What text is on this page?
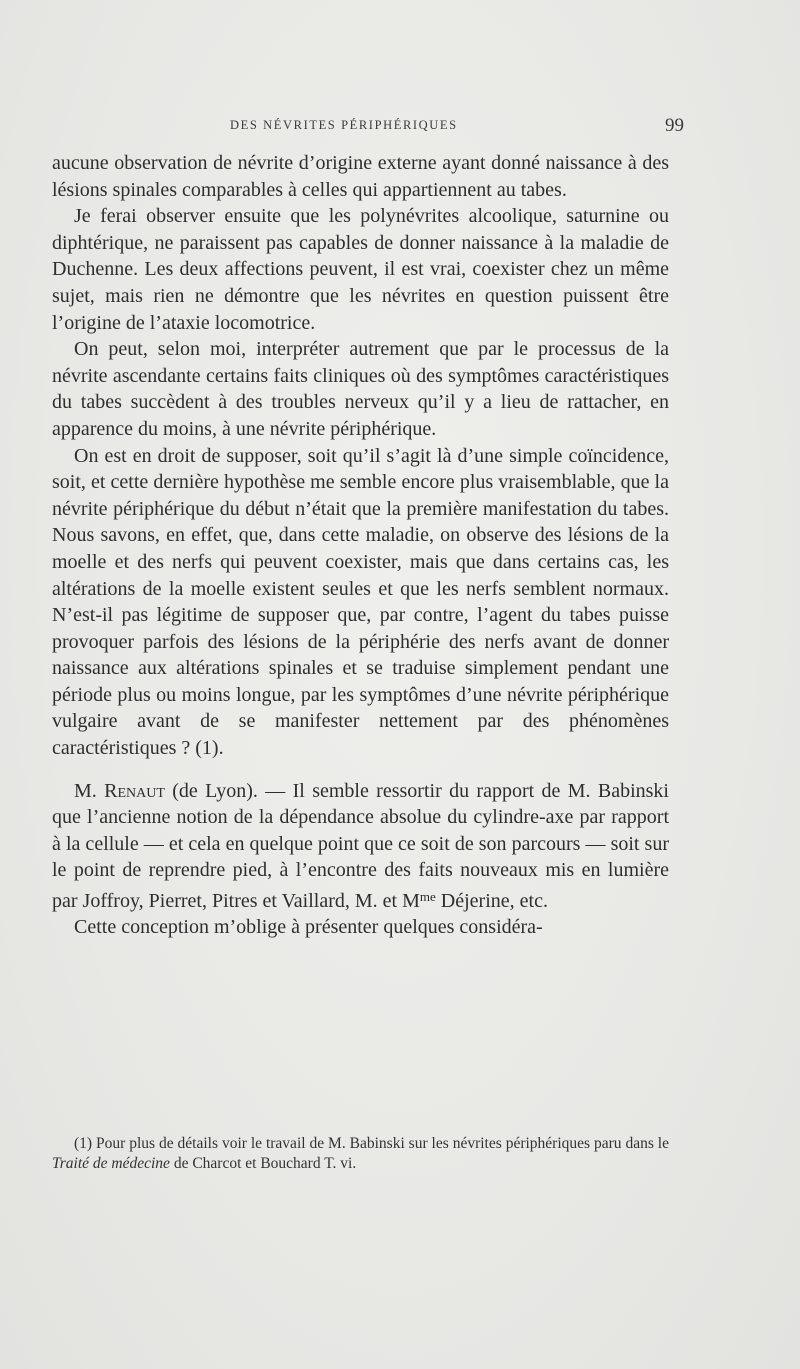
DES NÉVRITES PÉRIPHÉRIQUES	99

aucune observation de névrite d’origine externe ayant donné naissance à des lésions spinales comparables à celles qui appartiennent au tabes.

Je ferai observer ensuite que les polynévrites alcoolique, saturnine ou diphtérique, ne paraissent pas capables de donner naissance à la maladie de Duchenne. Les deux affections peuvent, il est vrai, coexister chez un même sujet, mais rien ne démontre que les névrites en question puissent être l’origine de l’ataxie locomotrice.

On peut, selon moi, interpréter autrement que par le processus de la névrite ascendante certains faits cliniques où des symptômes caractéristiques du tabes succèdent à des troubles nerveux qu’il y a lieu de rattacher, en apparence du moins, à une névrite périphérique.

On est en droit de supposer, soit qu’il s’agit là d’une simple coïncidence, soit, et cette dernière hypothèse me semble encore plus vraisemblable, que la névrite périphérique du début n’était que la première manifestation du tabes. Nous savons, en effet, que, dans cette maladie, on observe des lésions de la moelle et des nerfs qui peuvent coexister, mais que dans certains cas, les altérations de la moelle existent seules et que les nerfs semblent normaux. N’est-il pas légitime de supposer que, par contre, l’agent du tabes puisse provoquer parfois des lésions de la périphérie des nerfs avant de donner naissance aux altérations spinales et se traduise simplement pendant une période plus ou moins longue, par les symptômes d’une névrite périphérique vulgaire avant de se manifester nettement par des phénomènes caractéristiques ? (1).

M. Renaut (de Lyon). — Il semble ressortir du rapport de M. Babinski que l’ancienne notion de la dépendance absolue du cylindre-axe par rapport à la cellule — et cela en quelque point que ce soit de son parcours — soit sur le point de reprendre pied, à l’encontre des faits nouveaux mis en lumière par Joffroy, Pierret, Pitres et Vaillard, M. et $M^{me}$ Déjerine, etc.

Cette conception m’oblige à présenter quelques considéra-

(1) Pour plus de détails voir le travail de M. Babinski sur les névrites périphériques paru dans le Traité de médecine de Charcot et Bouchard T. vi.
